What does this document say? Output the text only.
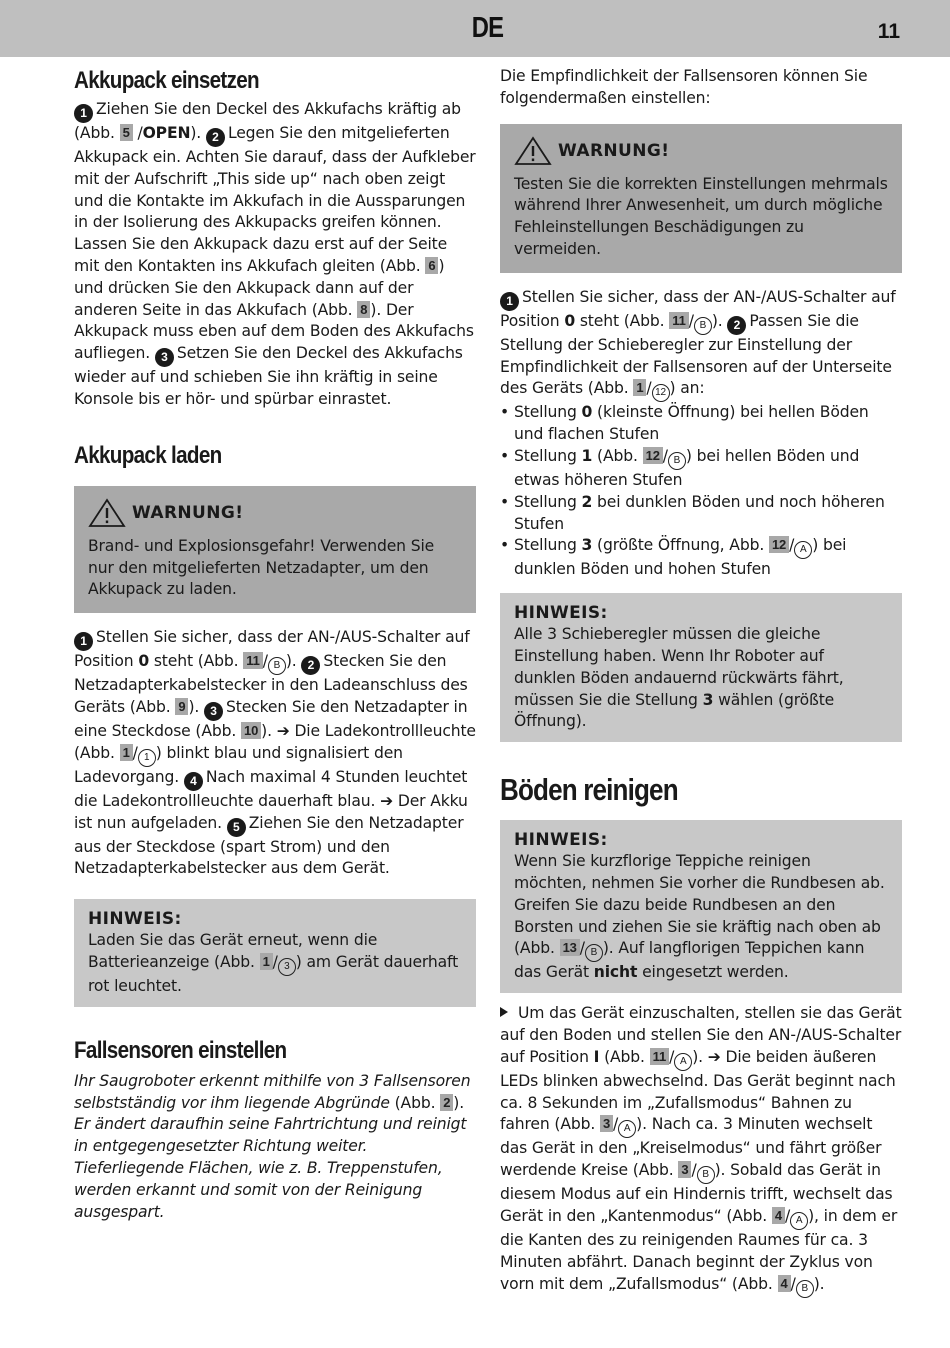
DE	11
Akkupack einsetzen
1 Ziehen Sie den Deckel des Akkufachs kräftig ab (Abb. 5 /OPEN). 2 Legen Sie den mitgelieferten Akkupack ein. Achten Sie darauf, dass der Aufkleber mit der Aufschrift „This side up“ nach oben zeigt und die Kontakte im Akkufach in die Aussparungen in der Isolierung des Akkupacks greifen können. Lassen Sie den Akkupack dazu erst auf der Seite mit den Kontakten ins Akkufach gleiten (Abb. 6 ) und drücken Sie den Akkupack dann auf der anderen Seite in das Akkufach (Abb. 8 ). Der Akkupack muss eben auf dem Boden des Akkufachs aufliegen. 3 Setzen Sie den Deckel des Akkufachs wieder auf und schieben Sie ihn kräftig in seine Konsole bis er hör- und spürbar einrastet.
Akkupack laden
WARNUNG!
Brand- und Explosionsgefahr! Verwenden Sie nur den mitgelieferten Netzadapter, um den Akkupack zu laden.
1 Stellen Sie sicher, dass der AN-/AUS-Schalter auf Position 0 steht (Abb. 11 / B ). 2 Stecken Sie den Netzadapterkabelstecker in den Ladeanschluss des Geräts (Abb. 9 ). 3 Stecken Sie den Netzadapter in eine Steckdose (Abb. 10 ). ➔ Die Ladekontrollleuchte (Abb. 1 / 1 ) blinkt blau und signalisiert den Ladevorgang. 4 Nach maximal 4 Stunden leuchtet die Ladekontrollleuchte dauerhaft blau. ➔ Der Akku ist nun aufgeladen. 5 Ziehen Sie den Netzadapter aus der Steckdose (spart Strom) und den Netzadapterkabelstecker aus dem Gerät.
HINWEIS:
Laden Sie das Gerät erneut, wenn die Batterieanzeige (Abb. 1 / 3 ) am Gerät dauerhaft rot leuchtet.
Fallsensoren einstellen
Ihr Saugroboter erkennt mithilfe von 3 Fallsensoren selbstständig vor ihm liegende Abgründe (Abb. 2 ). Er ändert daraufhin seine Fahrtrichtung und reinigt in entgegengesetzter Richtung weiter. Tieferliegende Flächen, wie z. B. Treppenstufen, werden erkannt und somit von der Reinigung ausgespart.
Die Empfindlichkeit der Fallsensoren können Sie folgendermaßen einstellen:
WARNUNG!
Testen Sie die korrekten Einstellungen mehrmals während Ihrer Anwesenheit, um durch mögliche Fehleinstellungen Beschädigungen zu vermeiden.
1 Stellen Sie sicher, dass der AN-/AUS-Schalter auf Position 0 steht (Abb. 11 / B ). 2 Passen Sie die Stellung der Schieberegler zur Einstellung der Empfindlichkeit der Fallsensoren auf der Unterseite des Geräts (Abb. 1 / 12 ) an:
• Stellung 0 (kleinste Öffnung) bei hellen Böden und flachen Stufen
• Stellung 1 (Abb. 12 / B ) bei hellen Böden und etwas höheren Stufen
• Stellung 2 bei dunklen Böden und noch höheren Stufen
• Stellung 3 (größte Öffnung, Abb. 12 / A ) bei dunklen Böden und hohen Stufen
HINWEIS:
Alle 3 Schieberegler müssen die gleiche Einstellung haben. Wenn Ihr Roboter auf dunklen Böden andauernd rückwärts fährt, müssen Sie die Stellung 3 wählen (größte Öffnung).
Böden reinigen
HINWEIS:
Wenn Sie kurzflorige Teppiche reinigen möchten, nehmen Sie vorher die Rundbesen ab. Greifen Sie dazu beide Rundbesen an den Borsten und ziehen Sie sie kräftig nach oben ab (Abb. 13 / B ). Auf langflorigen Teppichen kann das Gerät nicht eingesetzt werden.
Um das Gerät einzuschalten, stellen sie das Gerät auf den Boden und stellen Sie den AN-/AUS-Schalter auf Position I (Abb. 11 / A ). ➔ Die beiden äußeren LEDs blinken abwechselnd. Das Gerät beginnt nach ca. 8 Sekunden im „Zufallsmodus“ Bahnen zu fahren (Abb. 3 / A ). Nach ca. 3 Minuten wechselt das Gerät in den „Kreiselmodus“ und fährt größer werdende Kreise (Abb. 3 / B ). Sobald das Gerät in diesem Modus auf ein Hindernis trifft, wechselt das Gerät in den „Kantenmodus“ (Abb. 4 / A ), in dem er die Kanten des zu reinigenden Raumes für ca. 3 Minuten abfährt. Danach beginnt der Zyklus von vorn mit dem „Zufallsmodus“ (Abb. 4 / B ).
